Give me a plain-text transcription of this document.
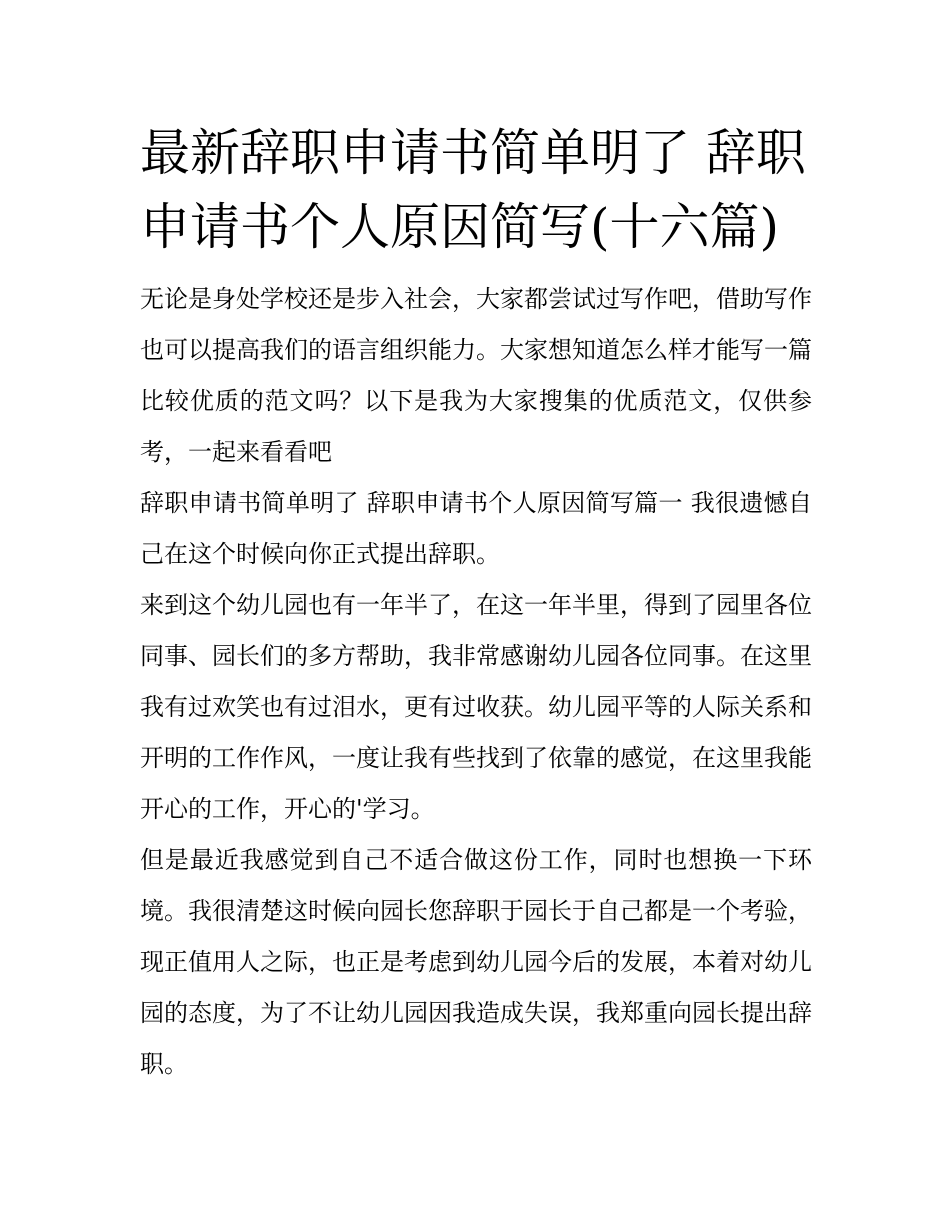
最新辞职申请书简单明了 辞职申请书个人原因简写(十六篇)

无论是身处学校还是步入社会，大家都尝试过写作吧，借助写作也可以提高我们的语言组织能力。大家想知道怎么样才能写一篇比较优质的范文吗？以下是我为大家搜集的优质范文，仅供参考，一起来看看吧

辞职申请书简单明了 辞职申请书个人原因简写篇一 我很遗憾自己在这个时候向你正式提出辞职。

来到这个幼儿园也有一年半了，在这一年半里，得到了园里各位同事、园长们的多方帮助，我非常感谢幼儿园各位同事。在这里我有过欢笑也有过泪水，更有过收获。幼儿园平等的人际关系和开明的工作作风，一度让我有些找到了依靠的感觉，在这里我能开心的工作，开心的'学习。

但是最近我感觉到自己不适合做这份工作，同时也想换一下环境。我很清楚这时候向园长您辞职于园长于自己都是一个考验，现正值用人之际，也正是考虑到幼儿园今后的发展，本着对幼儿园的态度，为了不让幼儿园因我造成失误，我郑重向园长提出辞职。
